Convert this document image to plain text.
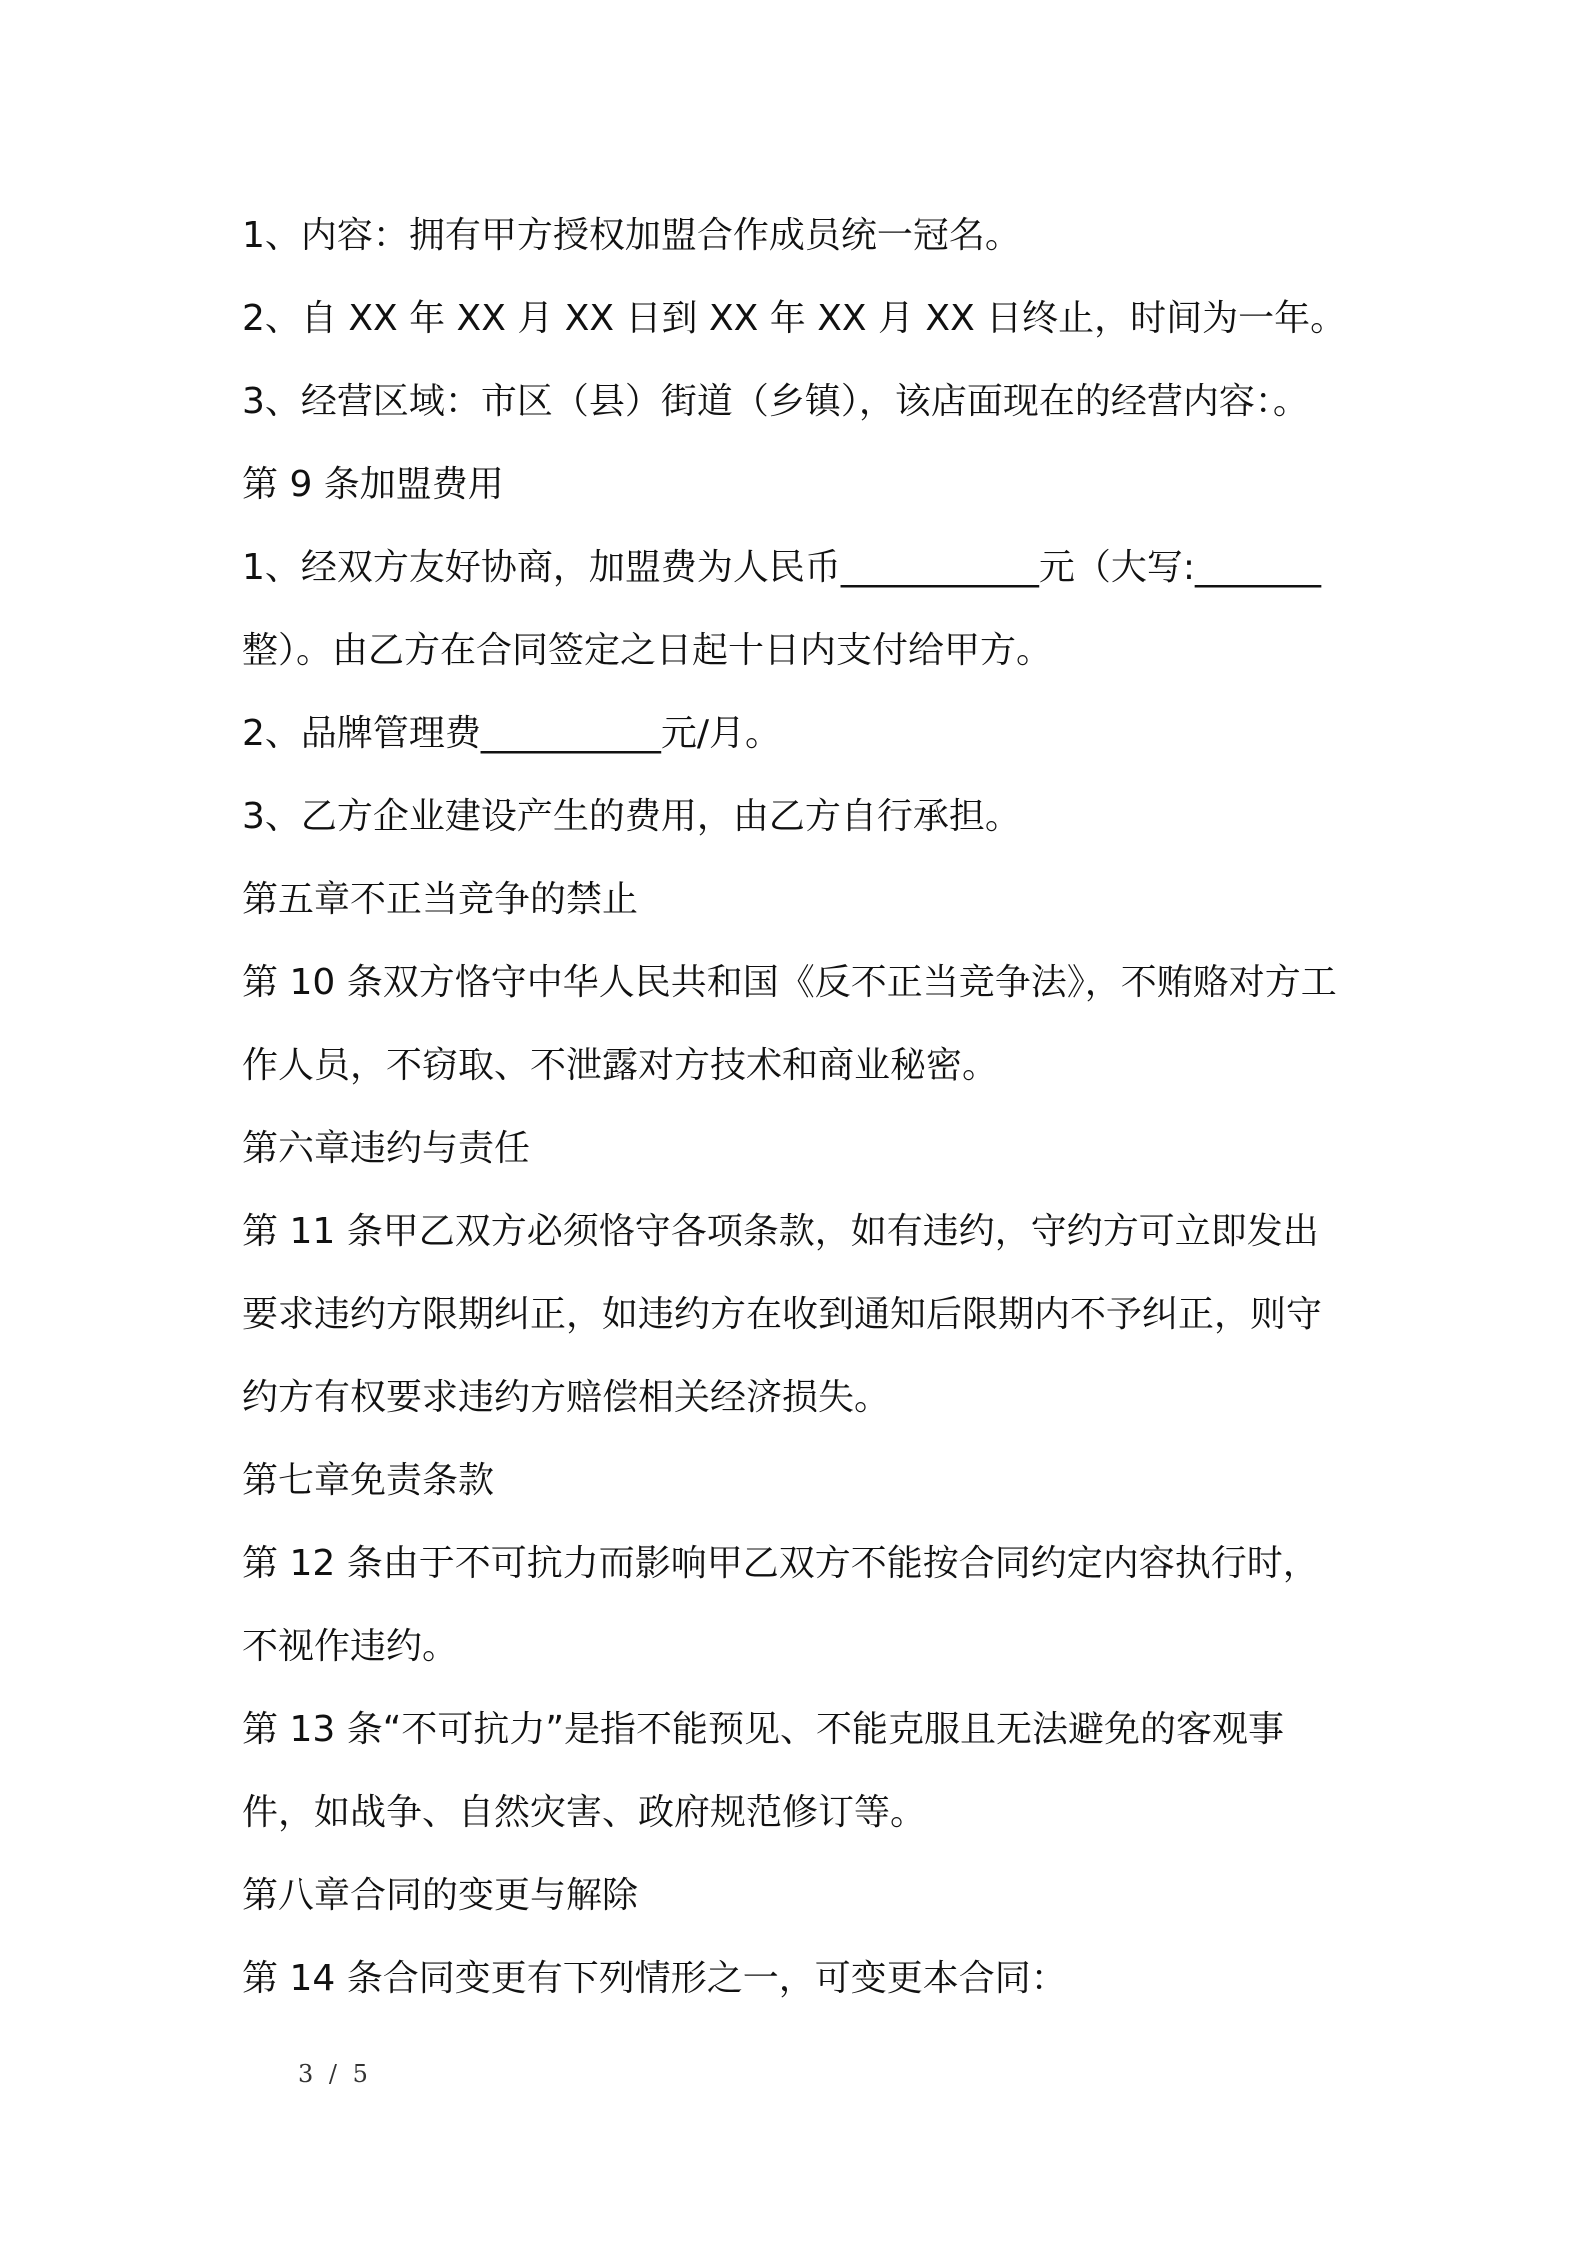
1、内容：拥有甲方授权加盟合作成员统一冠名。
2、自 XX 年 XX 月 XX 日到 XX 年 XX 月 XX 日终止，时间为一年。
3、经营区域：市区（县）街道（乡镇），该店面现在的经营内容：。
第 9 条加盟费用
1、经双方友好协商，加盟费为人民币___________元（大写:_______
整）。由乙方在合同签定之日起十日内支付给甲方。
2、品牌管理费__________元/月。
3、乙方企业建设产生的费用，由乙方自行承担。
第五章不正当竞争的禁止
第 10 条双方恪守中华人民共和国《反不正当竞争法》，不贿赂对方工
作人员，不窃取、不泄露对方技术和商业秘密。
第六章违约与责任
第 11 条甲乙双方必须恪守各项条款，如有违约，守约方可立即发出
要求违约方限期纠正，如违约方在收到通知后限期内不予纠正，则守
约方有权要求违约方赔偿相关经济损失。
第七章免责条款
第 12 条由于不可抗力而影响甲乙双方不能按合同约定内容执行时，
不视作违约。
第 13 条“不可抗力”是指不能预见、不能克服且无法避免的客观事
件，如战争、自然灾害、政府规范修订等。
第八章合同的变更与解除
第 14 条合同变更有下列情形之一，可变更本合同：
3 / 5
